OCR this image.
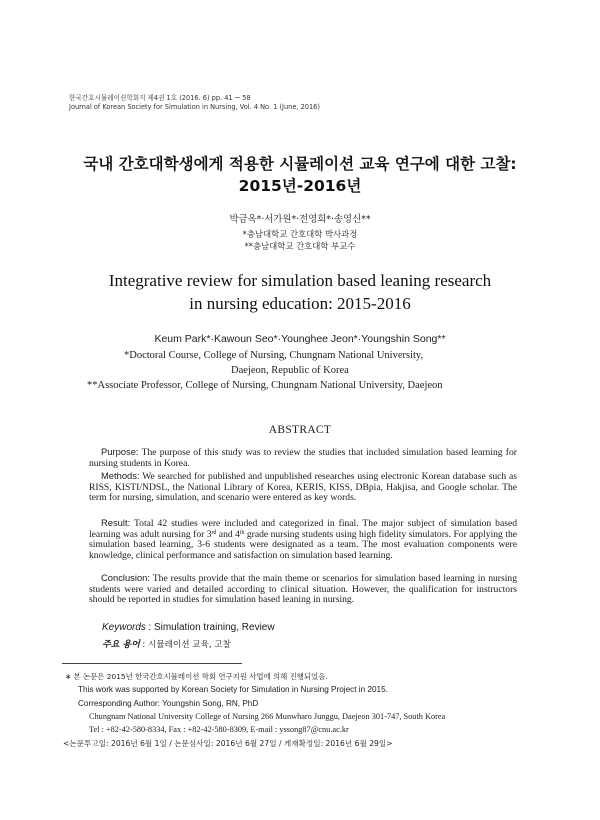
한국간호시뮬레이션학회지 제4권 1호 (2016. 6) pp. 41 ~ 58
Journal of Korean Society for Simulation in Nursing, Vol. 4 No. 1 (June, 2016)
국내 간호대학생에게 적용한 시뮬레이션 교육 연구에 대한 고찰:
2015년-2016년
박금옥*·서가원*·전영희*·송영신**
*충남대학교 간호대학 박사과정
**충남대학교 간호대학 부교수
Integrative review for simulation based leaning research
in nursing education: 2015-2016
Keum Park*·Kawoun Seo*·Younghee Jeon*·Youngshin Song**
*Doctoral Course, College of Nursing, Chungnam National University,
Daejeon, Republic of Korea
**Associate Professor, College of Nursing, Chungnam National University, Daejeon
ABSTRACT
Purpose: The purpose of this study was to review the studies that included simulation based learning for nursing students in Korea.
Methods: We searched for published and unpublished researches using electronic Korean database such as RISS, KISTI/NDSL, the National Library of Korea, KERIS, KISS, DBpia, Hakjisa, and Google scholar. The term for nursing, simulation, and scenario were entered as key words.
Result: Total 42 studies were included and categorized in final. The major subject of simulation based learning was adult nursing for 3rd and 4th grade nursing students using high fidelity simulators. For applying the simulation based learning, 3-6 students were designated as a team. The most evaluation components were knowledge, clinical performance and satisfaction on simulation based learning.
Conclusion: The results provide that the main theme or scenarios for simulation based learning in nursing students were varied and detailed according to clinical situation. However, the qualification for instructors should be reported in studies for simulation based leaning in nursing.
Keywords : Simulation training, Review
주요 용어 : 시뮬레이션 교육, 고찰
∗ 본 논문은 2015년 한국간호시뮬레이션 학회 연구지원 사업에 의해 진행되었음.
This work was supported by Korean Society for Simulation in Nursing Project in 2015.
Corresponding Author: Youngshin Song, RN, PhD
Chungnam National University College of Nursing 266 Munwharo Junggu, Daejeon 301-747, South Korea
Tel : +82-42-580-8334, Fax : +82-42-580-8309, E-mail : yssong87@cnu.ac.kr
<논문투고일: 2016년 6월 1일 / 논문심사일: 2016년 6월 27일 / 게재확정일: 2016년 6월 29일>
